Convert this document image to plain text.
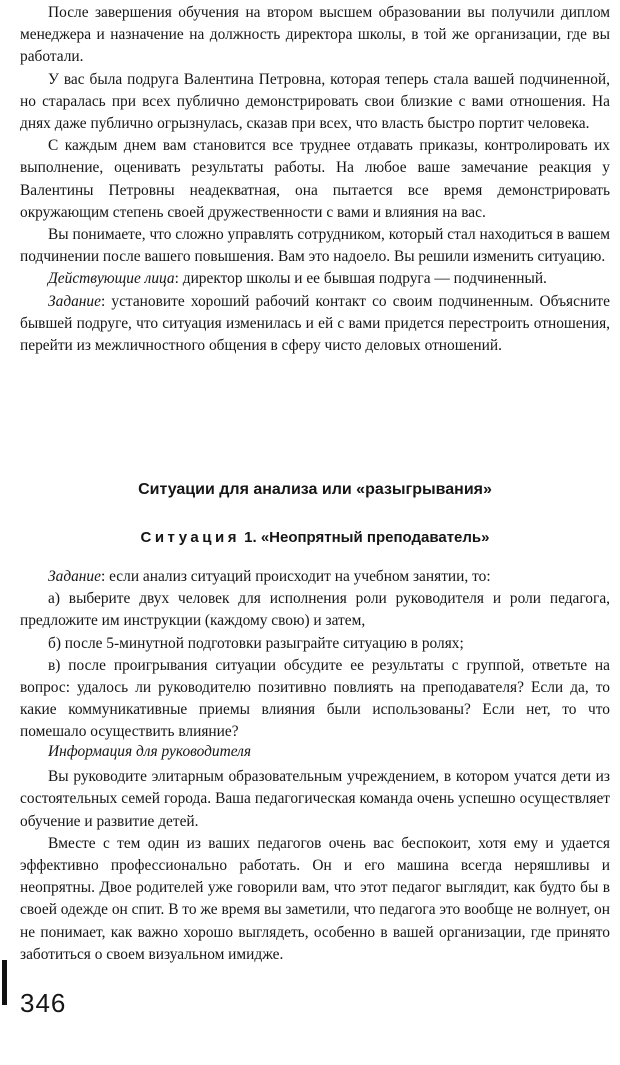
После завершения обучения на втором высшем образовании вы получили диплом менеджера и назначение на должность директора школы, в той же организации, где вы работали.

У вас была подруга Валентина Петровна, которая теперь стала вашей подчиненной, но старалась при всех публично демонстрировать свои близкие с вами отношения. На днях даже публично огрызнулась, сказав при всех, что власть быстро портит человека.

С каждым днем вам становится все труднее отдавать приказы, контролировать их выполнение, оценивать результаты работы. На любое ваше замечание реакция у Валентины Петровны неадекватная, она пытается все время демонстрировать окружающим степень своей дружественности с вами и влияния на вас.

Вы понимаете, что сложно управлять сотрудником, который стал находиться в вашем подчинении после вашего повышения. Вам это надоело. Вы решили изменить ситуацию.

Действующие лица: директор школы и ее бывшая подруга — подчиненный.

Задание: установите хороший рабочий контакт со своим подчиненным. Объясните бывшей подруге, что ситуация изменилась и ей с вами придется перестроить отношения, перейти из межличностного общения в сферу чисто деловых отношений.

Ситуации для анализа или «разыгрывания»
Ситуация 1. «Неопрятный преподаватель»

Задание: если анализ ситуаций происходит на учебном занятии, то:

а) выберите двух человек для исполнения роли руководителя и роли педагога, предложите им инструкции (каждому свою) и затем,

б) после 5-минутной подготовки разыграйте ситуацию в ролях;

в) после проигрывания ситуации обсудите ее результаты с группой, ответьте на вопрос: удалось ли руководителю позитивно повлиять на преподавателя? Если да, то какие коммуникативные приемы влияния были использованы? Если нет, то что помешало осуществить влияние?

Информация для руководителя

Вы руководите элитарным образовательным учреждением, в котором учатся дети из состоятельных семей города. Ваша педагогическая команда очень успешно осуществляет обучение и развитие детей.

Вместе с тем один из ваших педагогов очень вас беспокоит, хотя ему и удается эффективно профессионально работать. Он и его машина всегда неряшливы и неопрятны. Двое родителей уже говорили вам, что этот педагог выглядит, как будто бы в своей одежде он спит. В то же время вы заметили, что педагога это вообще не волнует, он не понимает, как важно хорошо выглядеть, особенно в вашей организации, где принято заботиться о своем визуальном имидже.

346
